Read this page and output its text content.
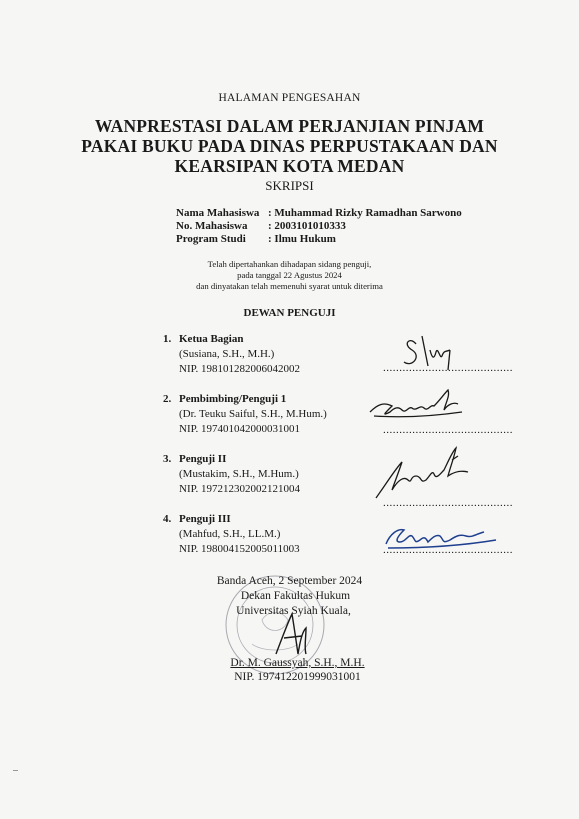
HALAMAN PENGESAHAN
WANPRESTASI DALAM PERJANJIAN PINJAM
PAKAI BUKU PADA DINAS PERPUSTAKAAN DAN
KEARSIPAN KOTA MEDAN
SKRIPSI
Nama Mahasiswa : Muhammad Rizky Ramadhan Sarwono
No. Mahasiswa : 2003101010333
Program Studi : Ilmu Hukum
Telah dipertahankan dihadapan sidang penguji,
pada tanggal 22 Agustus 2024
dan dinyatakan telah memenuhi syarat untuk diterima
DEWAN PENGUJI
1. Ketua Bagian
(Susiana, S.H., M.H.)
NIP. 198101282006042002	........................................
2. Pembimbing/Penguji 1
(Dr. Teuku Saiful, S.H., M.Hum.)
NIP. 197401042000031001	........................................
3. Penguji II
(Mustakim, S.H., M.Hum.)
NIP. 197212302002121004
........................................
4. Penguji III
(Mahfud, S.H., LL.M.)
NIP. 198004152005011003	........................................
Banda Aceh, 2 September 2024
Dekan Fakultas Hukum
Universitas Syiah Kuala,
Dr. M. Gaussyah, S.H., M.H.
NIP. 197412201999031001
